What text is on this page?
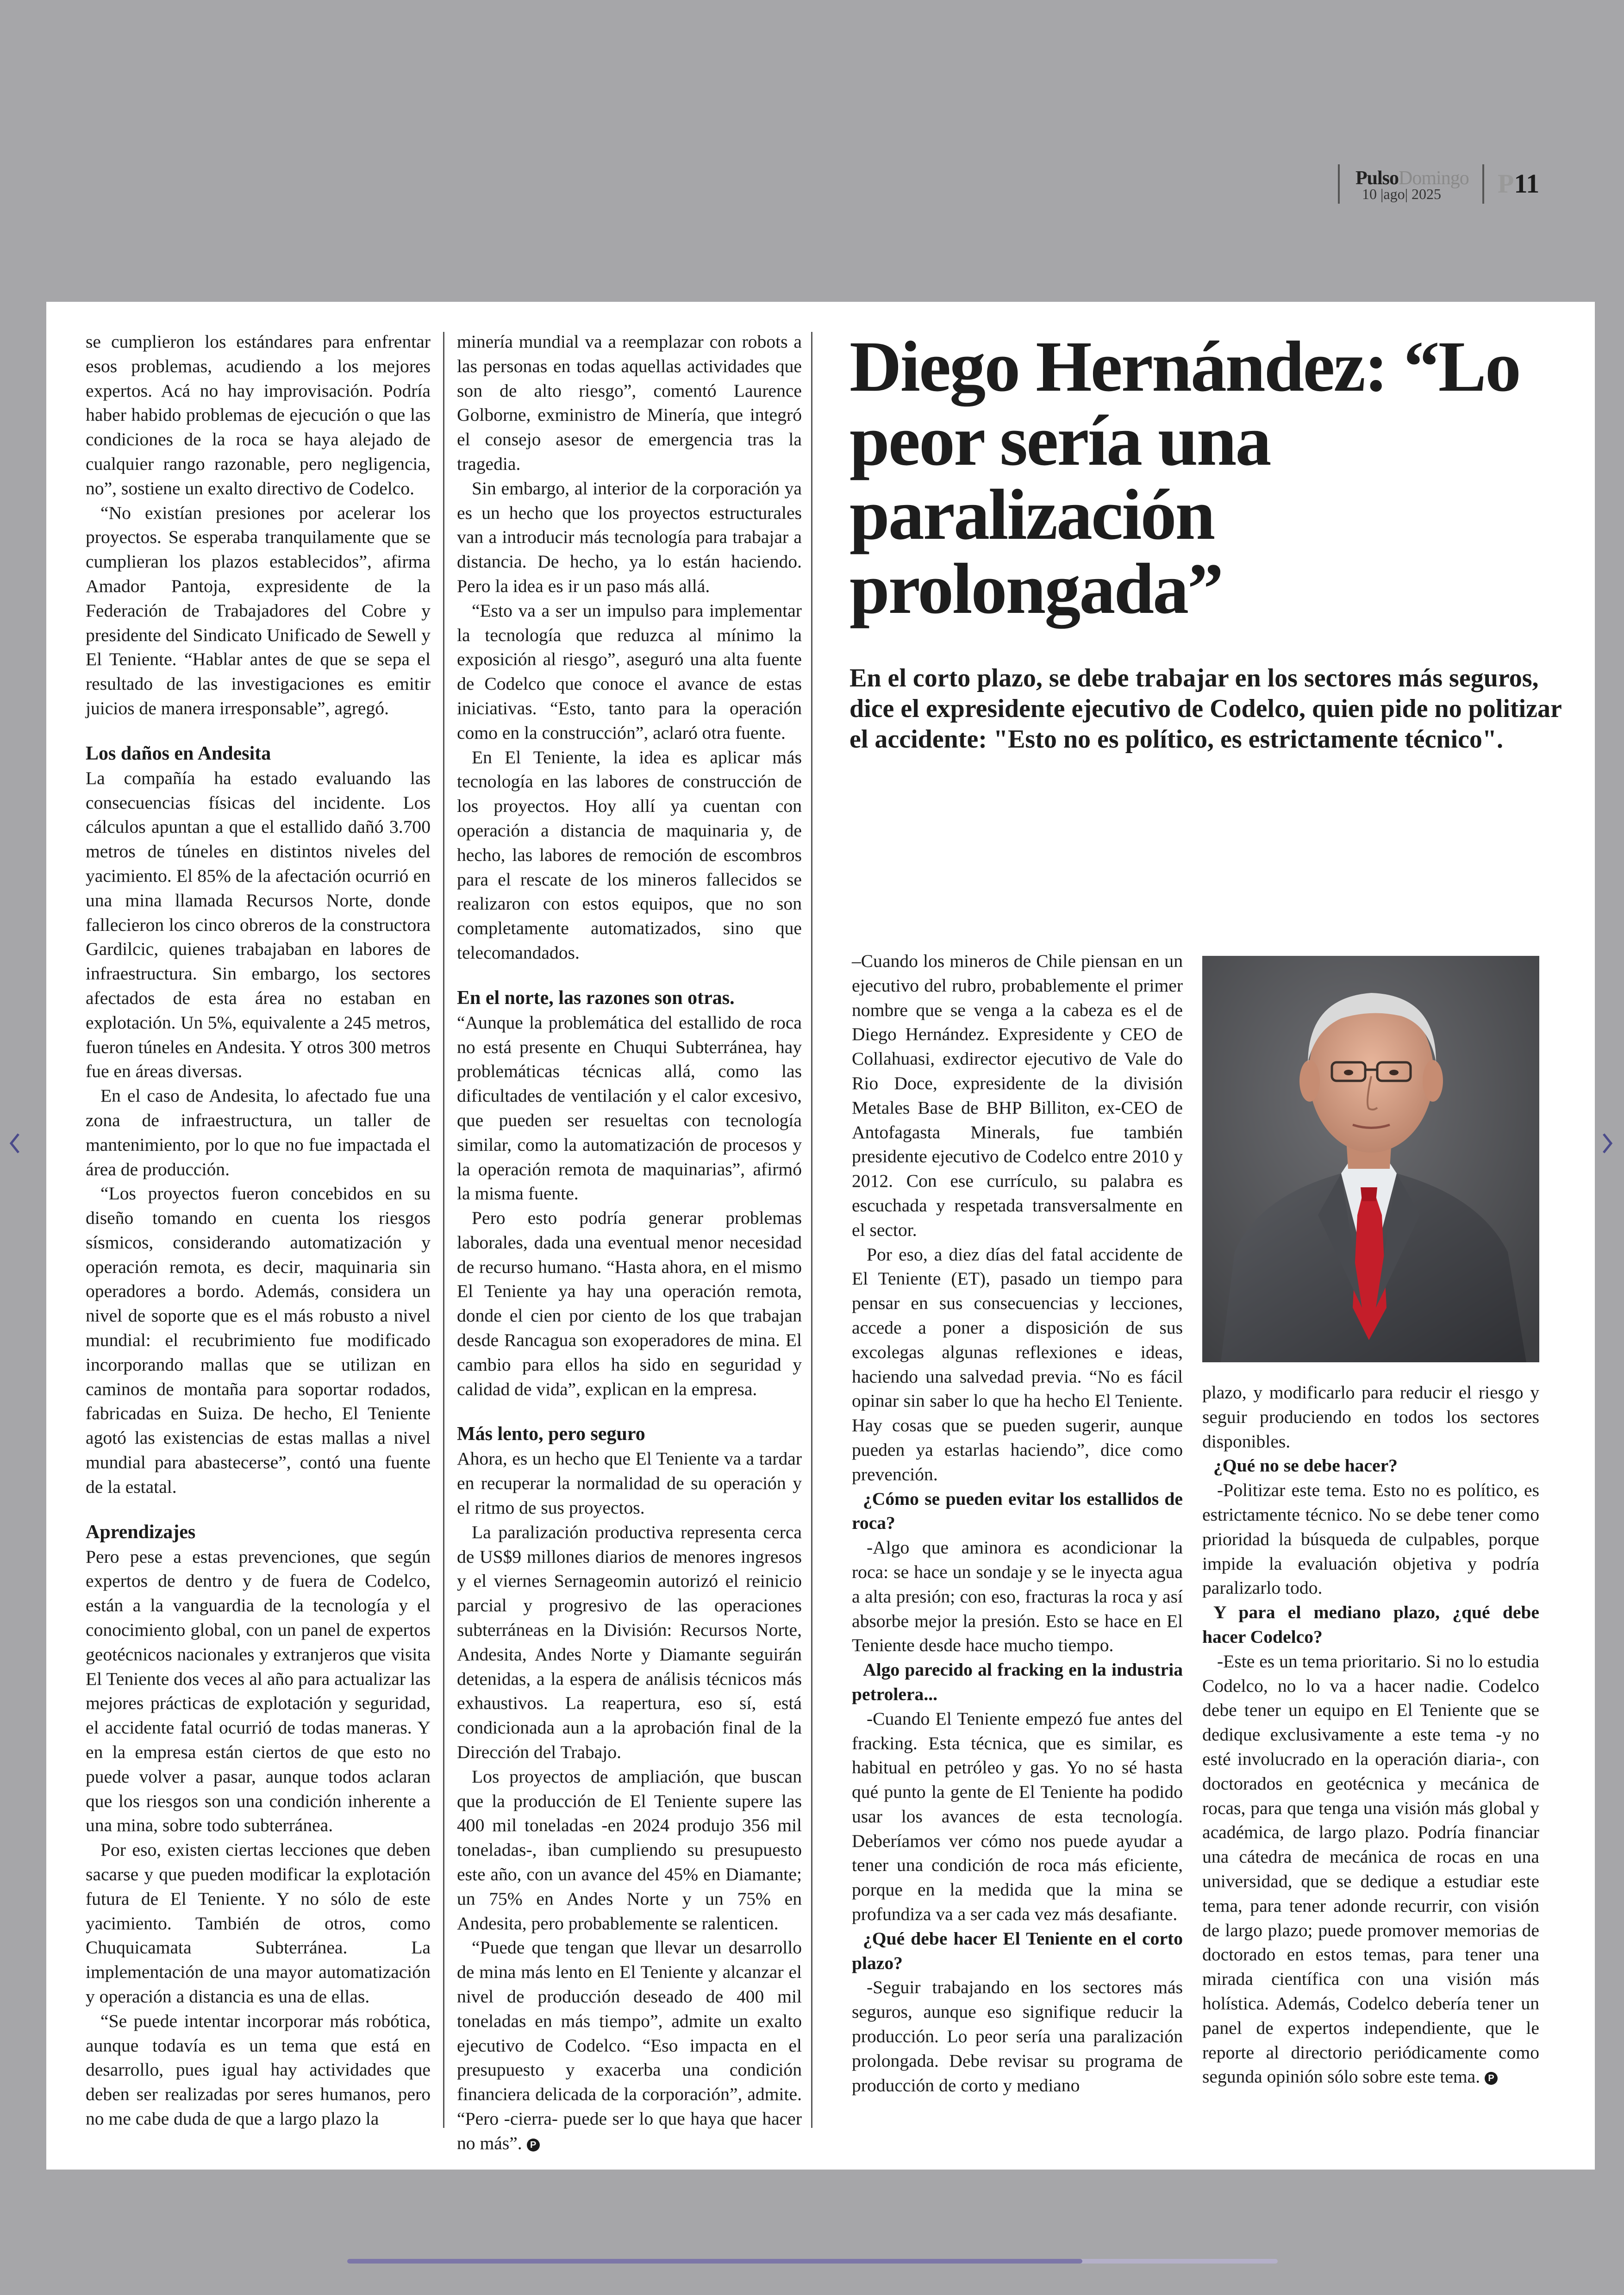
PulsoDomingo
10 |ago| 2025 P11

se cumplieron los estándares para enfrentar esos problemas, acudiendo a los mejores expertos. Acá no hay improvisación. Podría haber habido problemas de ejecución o que las condiciones de la roca se haya alejado de cualquier rango razonable, pero negligencia, no”, sostiene un exalto directivo de Codelco.

“No existían presiones por acelerar los proyectos. Se esperaba tranquilamente que se cumplieran los plazos establecidos”, afirma Amador Pantoja, expresidente de la Federación de Trabajadores del Cobre y presidente del Sindicato Unificado de Sewell y El Teniente. “Hablar antes de que se sepa el resultado de las investigaciones es emitir juicios de manera irresponsable”, agregó.

Los daños en Andesita

La compañía ha estado evaluando las consecuencias físicas del incidente. Los cálculos apuntan a que el estallido dañó 3.700 metros de túneles en distintos niveles del yacimiento. El 85% de la afectación ocurrió en una mina llamada Recursos Norte, donde fallecieron los cinco obreros de la constructora Gardilcic, quienes trabajaban en labores de infraestructura. Sin embargo, los sectores afectados de esta área no estaban en explotación. Un 5%, equivalente a 245 metros, fueron túneles en Andesita. Y otros 300 metros fue en áreas diversas.

En el caso de Andesita, lo afectado fue una zona de infraestructura, un taller de mantenimiento, por lo que no fue impactada el área de producción.

“Los proyectos fueron concebidos en su diseño tomando en cuenta los riesgos sísmicos, considerando automatización y operación remota, es decir, maquinaria sin operadores a bordo. Además, considera un nivel de soporte que es el más robusto a nivel mundial: el recubrimiento fue modificado incorporando mallas que se utilizan en caminos de montaña para soportar rodados, fabricadas en Suiza. De hecho, El Teniente agotó las existencias de estas mallas a nivel mundial para abastecerse”, contó una fuente de la estatal.

Aprendizajes

Pero pese a estas prevenciones, que según expertos de dentro y de fuera de Codelco, están a la vanguardia de la tecnología y el conocimiento global, con un panel de expertos geotécnicos nacionales y extranjeros que visita El Teniente dos veces al año para actualizar las mejores prácticas de explotación y seguridad, el accidente fatal ocurrió de todas maneras. Y en la empresa están ciertos de que esto no puede volver a pasar, aunque todos aclaran que los riesgos son una condición inherente a una mina, sobre todo subterránea.

Por eso, existen ciertas lecciones que deben sacarse y que pueden modificar la explotación futura de El Teniente. Y no sólo de este yacimiento. También de otros, como Chuquicamata Subterránea. La implementación de una mayor automatización y operación a distancia es una de ellas.

“Se puede intentar incorporar más robótica, aunque todavía es un tema que está en desarrollo, pues igual hay actividades que deben ser realizadas por seres humanos, pero no me cabe duda de que a largo plazo la

minería mundial va a reemplazar con robots a las personas en todas aquellas actividades que son de alto riesgo”, comentó Laurence Golborne, exministro de Minería, que integró el consejo asesor de emergencia tras la tragedia.

Sin embargo, al interior de la corporación ya es un hecho que los proyectos estructurales van a introducir más tecnología para trabajar a distancia. De hecho, ya lo están haciendo. Pero la idea es ir un paso más allá.

“Esto va a ser un impulso para implementar la tecnología que reduzca al mínimo la exposición al riesgo”, aseguró una alta fuente de Codelco que conoce el avance de estas iniciativas. “Esto, tanto para la operación como en la construcción”, aclaró otra fuente.

En El Teniente, la idea es aplicar más tecnología en las labores de construcción de los proyectos. Hoy allí ya cuentan con operación a distancia de maquinaria y, de hecho, las labores de remoción de escombros para el rescate de los mineros fallecidos se realizaron con estos equipos, que no son completamente automatizados, sino que telecomandados.

En el norte, las razones son otras.

“Aunque la problemática del estallido de roca no está presente en Chuqui Subterránea, hay problemáticas técnicas allá, como las dificultades de ventilación y el calor excesivo, que pueden ser resueltas con tecnología similar, como la automatización de procesos y la operación remota de maquinarias”, afirmó la misma fuente.

Pero esto podría generar problemas laborales, dada una eventual menor necesidad de recurso humano. “Hasta ahora, en el mismo El Teniente ya hay una operación remota, donde el cien por ciento de los que trabajan desde Rancagua son exoperadores de mina. El cambio para ellos ha sido en seguridad y calidad de vida”, explican en la empresa.

Más lento, pero seguro

Ahora, es un hecho que El Teniente va a tardar en recuperar la normalidad de su operación y el ritmo de sus proyectos.

La paralización productiva representa cerca de US$9 millones diarios de menores ingresos y el viernes Sernageomin autorizó el reinicio parcial y progresivo de las operaciones subterráneas en la División: Recursos Norte, Andesita, Andes Norte y Diamante seguirán detenidas, a la espera de análisis técnicos más exhaustivos. La reapertura, eso sí, está condicionada aun a la aprobación final de la Dirección del Trabajo.

Los proyectos de ampliación, que buscan que la producción de El Teniente supere las 400 mil toneladas -en 2024 produjo 356 mil toneladas-, iban cumpliendo su presupuesto este año, con un avance del 45% en Diamante; un 75% en Andes Norte y un 75% en Andesita, pero probablemente se ralenticen.

“Puede que tengan que llevar un desarrollo de mina más lento en El Teniente y alcanzar el nivel de producción deseado de 400 mil toneladas en más tiempo”, admite un exalto ejecutivo de Codelco. “Eso impacta en el presupuesto y exacerba una condición financiera delicada de la corporación”, admite. “Pero -cierra- puede ser lo que haya que hacer no más”. P

Diego Hernández: “Lo peor sería una paralización prolongada”

En el corto plazo, se debe trabajar en los sectores más seguros, dice el expresidente ejecutivo de Codelco, quien pide no politizar el accidente: "Esto no es político, es estrictamente técnico".

–Cuando los mineros de Chile piensan en un ejecutivo del rubro, probablemente el primer nombre que se venga a la cabeza es el de Diego Hernández. Expresidente y CEO de Collahuasi, exdirector ejecutivo de Vale do Rio Doce, expresidente de la división Metales Base de BHP Billiton, ex-CEO de Antofagasta Minerals, fue también presidente ejecutivo de Codelco entre 2010 y 2012. Con ese currículo, su palabra es escuchada y respetada transversalmente en el sector.

Por eso, a diez días del fatal accidente de El Teniente (ET), pasado un tiempo para pensar en sus consecuencias y lecciones, accede a poner a disposición de sus excolegas algunas reflexiones e ideas, haciendo una salvedad previa. “No es fácil opinar sin saber lo que ha hecho El Teniente. Hay cosas que se pueden sugerir, aunque pueden ya estarlas haciendo”, dice como prevención.

¿Cómo se pueden evitar los estallidos de roca?

-Algo que aminora es acondicionar la roca: se hace un sondaje y se le inyecta agua a alta presión; con eso, fracturas la roca y así absorbe mejor la presión. Esto se hace en El Teniente desde hace mucho tiempo.

Algo parecido al fracking en la industria petrolera...

-Cuando El Teniente empezó fue antes del fracking. Esta técnica, que es similar, es habitual en petróleo y gas. Yo no sé hasta qué punto la gente de El Teniente ha podido usar los avances de esta tecnología. Deberíamos ver cómo nos puede ayudar a tener una condición de roca más eficiente, porque en la medida que la mina se profundiza va a ser cada vez más desafiante.

¿Qué debe hacer El Teniente en el corto plazo?

-Seguir trabajando en los sectores más seguros, aunque eso signifique reducir la producción. Lo peor sería una paralización prolongada. Debe revisar su programa de producción de corto y mediano

plazo, y modificarlo para reducir el riesgo y seguir produciendo en todos los sectores disponibles.

¿Qué no se debe hacer?

-Politizar este tema. Esto no es político, es estrictamente técnico. No se debe tener como prioridad la búsqueda de culpables, porque impide la evaluación objetiva y podría paralizarlo todo.

Y para el mediano plazo, ¿qué debe hacer Codelco?

-Este es un tema prioritario. Si no lo estudia Codelco, no lo va a hacer nadie. Codelco debe tener un equipo en El Teniente que se dedique exclusivamente a este tema -y no esté involucrado en la operación diaria-, con doctorados en geotécnica y mecánica de rocas, para que tenga una visión más global y académica, de largo plazo. Podría financiar una cátedra de mecánica de rocas en una universidad, que se dedique a estudiar este tema, para tener adonde recurrir, con visión de largo plazo; puede promover memorias de doctorado en estos temas, para tener una mirada científica con una visión más holística. Además, Codelco debería tener un panel de expertos independiente, que le reporte al directorio periódicamente como segunda opinión sólo sobre este tema. P
